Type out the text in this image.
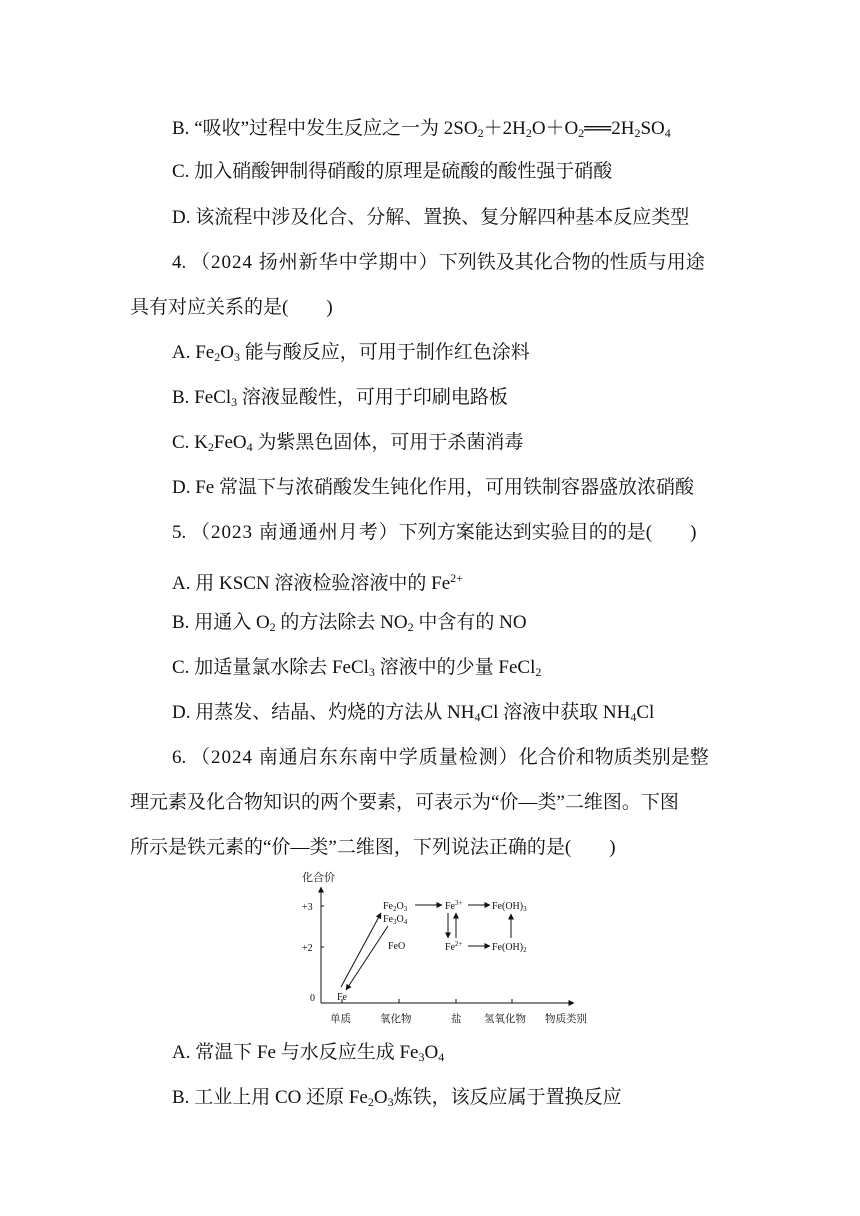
B. “吸收”过程中发生反应之一为 $2SO_2+2H_2O+O_2══2H_2SO_4$
C. 加入硝酸钾制得硝酸的原理是硫酸的酸性强于硝酸
D. 该流程中涉及化合、分解、置换、复分解四种基本反应类型
4. （2024 扬州新华中学期中）下列铁及其化合物的性质与用途
具有对应关系的是(　　)
A. $Fe_2O_3$ 能与酸反应，可用于制作红色涂料
B. FeCl$_3$ 溶液显酸性，可用于印刷电路板
C. $K_2FeO_4$ 为紫黑色固体，可用于杀菌消毒
D. Fe 常温下与浓硝酸发生钝化作用，可用铁制容器盛放浓硝酸
5. （2023 南通通州月考）下列方案能达到实验目的的是(　　)
A. 用 KSCN 溶液检验溶液中的 $Fe^{2+}$
B. 用通入 $O_2$ 的方法除去 $NO_2$ 中含有的 NO
C. 加适量氯水除去 FeCl$_3$ 溶液中的少量 FeCl$_2$
D. 用蒸发、结晶、灼烧的方法从 $NH_4Cl$ 溶液中获取 $NH_4Cl$
6. （2024 南通启东东南中学质量检测）化合价和物质类别是整
理元素及化合物知识的两个要素，可表示为“价—类”二维图。下图
所示是铁元素的“价—类”二维图，下列说法正确的是(　　)
化合价
+3
+2
0
单质	氧化物	盐 氢氧化物 物质类别
Fe
$Fe_2O_3$
$Fe_3O_4$
FeO
$Fe^{3+}$
$Fe^{2+}$
$Fe(OH)_3$
$Fe(OH)_2$
A. 常温下 Fe 与水反应生成 $Fe_3O_4$
B. 工业上用 CO 还原 $Fe_2O_3$炼铁，该反应属于置换反应
